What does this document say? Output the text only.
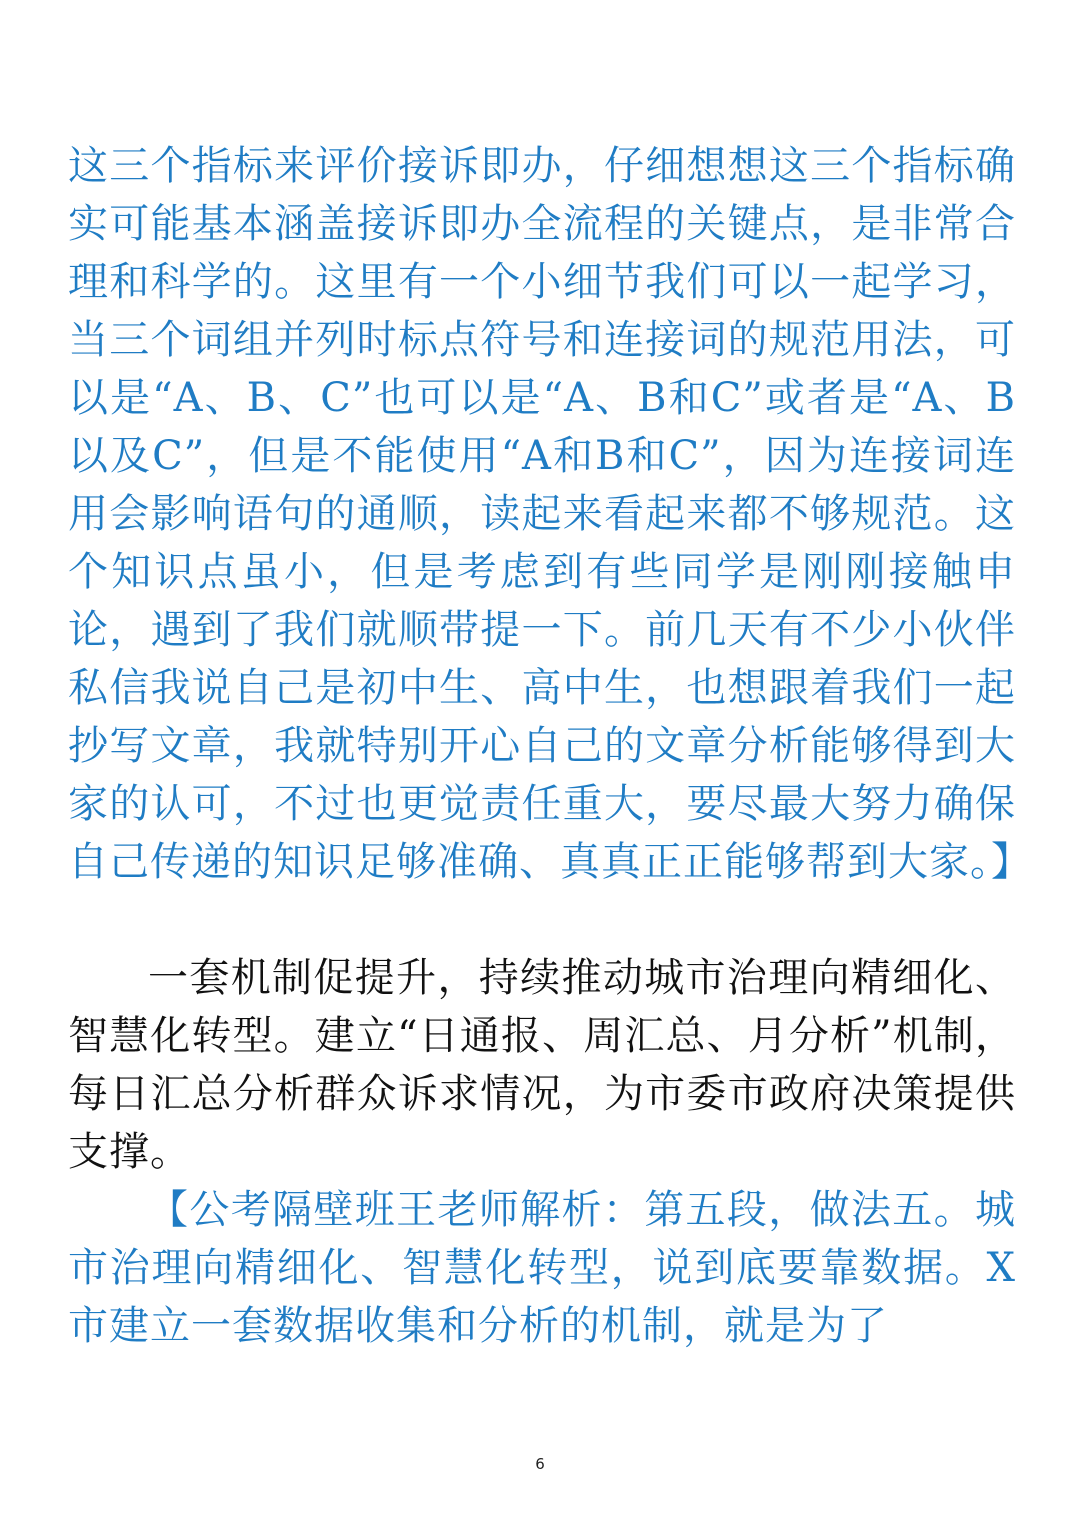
这三个指标来评价接诉即办，仔细想想这三个指标确实可能基本涵盖接诉即办全流程的关键点，是非常合理和科学的。这里有一个小细节我们可以一起学习，当三个词组并列时标点符号和连接词的规范用法，可以是“A、B、C”也可以是“A、B和C”或者是“A、B以及C”，但是不能使用“A和B和C”，因为连接词连用会影响语句的通顺，读起来看起来都不够规范。这个知识点虽小，但是考虑到有些同学是刚刚接触申论，遇到了我们就顺带提一下。前几天有不少小伙伴私信我说自己是初中生、高中生，也想跟着我们一起抄写文章，我就特别开心自己的文章分析能够得到大家的认可，不过也更觉责任重大，要尽最大努力确保自己传递的知识足够准确、真真正正能够帮到大家。】

一套机制促提升，持续推动城市治理向精细化、智慧化转型。建立“日通报、周汇总、月分析”机制，每日汇总分析群众诉求情况，为市委市政府决策提供支撑。

【公考隔壁班王老师解析：第五段，做法五。城市治理向精细化、智慧化转型，说到底要靠数据。X市建立一套数据收集和分析的机制，就是为了

6
